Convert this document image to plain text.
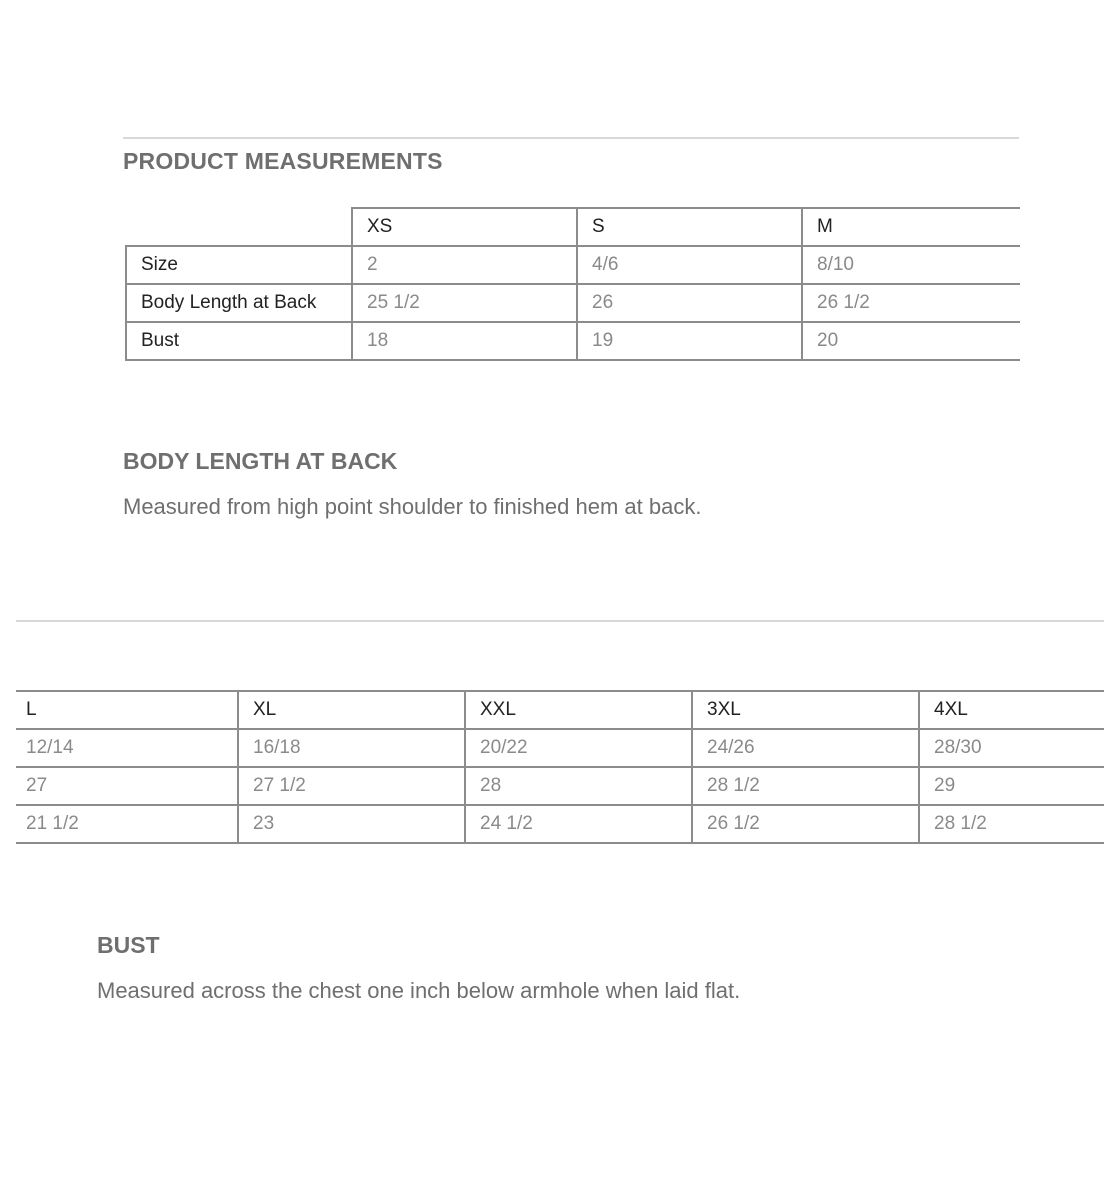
PRODUCT MEASUREMENTS
	XS	S	M
Size	2	4/6	8/10
Body Length at Back	25 1/2	26	26 1/2
Bust	18	19	20
BODY LENGTH AT BACK

Measured from high point shoulder to finished hem at back.

L	XL	XXL	3XL	4XL
12/14	16/18	20/22	24/26	28/30
27	27 1/2	28	28 1/2	29
21 1/2	23	24 1/2	26 1/2	28 1/2
BUST

Measured across the chest one inch below armhole when laid flat.
